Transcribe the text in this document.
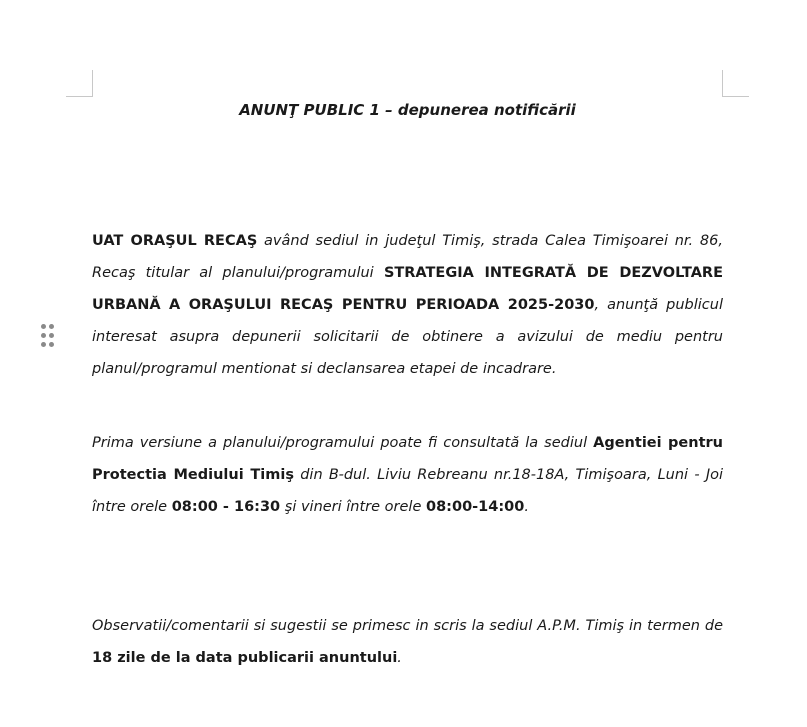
ANUNŢ PUBLIC 1 – depunerea notificării

UAT ORAŞUL RECAŞ având sediul in judeţul Timiş, strada Calea Timişoarei nr. 86, Recaş titular al planului/programului STRATEGIA INTEGRATĂ DE DEZVOLTARE URBANĂ A ORAŞULUI RECAŞ PENTRU PERIOADA 2025-2030, anunţă publicul interesat asupra depunerii solicitarii de obtinere a avizului de mediu pentru planul/programul mentionat si declansarea etapei de incadrare.

Prima versiune a planului/programului poate fi consultată la sediul Agentiei pentru Protectia Mediului Timiş din B-dul. Liviu Rebreanu nr.18-18A, Timişoara, Luni - Joi între orele 08:00 - 16:30 şi vineri între orele 08:00-14:00.

Observatii/comentarii si sugestii se primesc in scris la sediul A.P.M. Timiş in termen de 18 zile de la data publicarii anuntului.
